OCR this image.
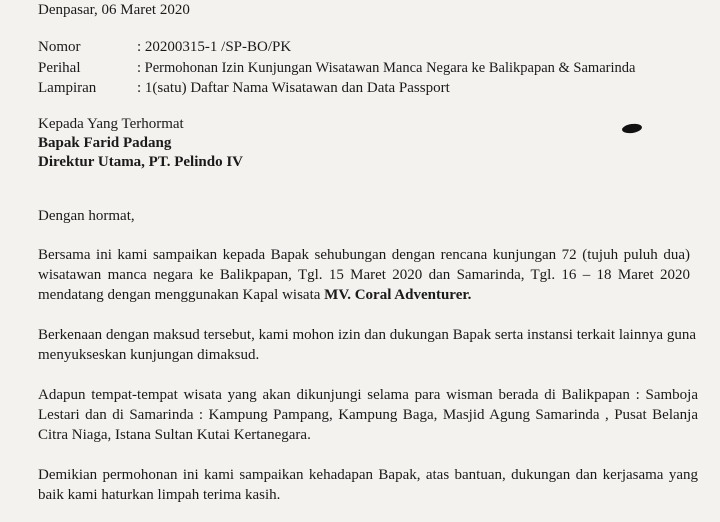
Denpasar, 06 Maret 2020
Nomor	: 20200315-1 /SP-BO/PK
Perihal	: Permohonan Izin Kunjungan Wisatawan Manca Negara ke Balikpapan & Samarinda
Lampiran	: 1(satu) Daftar Nama Wisatawan dan Data Passport
Kepada Yang Terhormat
Bapak Farid Padang
Direktur Utama, PT. Pelindo IV
Dengan hormat,
Bersama ini kami sampaikan kepada Bapak sehubungan dengan rencana kunjungan 72 (tujuh puluh dua) wisatawan manca negara ke Balikpapan, Tgl. 15 Maret 2020 dan Samarinda, Tgl. 16 – 18 Maret 2020 mendatang dengan menggunakan Kapal wisata MV. Coral Adventurer.
Berkenaan dengan maksud tersebut, kami mohon izin dan dukungan Bapak serta instansi terkait lainnya guna menyukseskan kunjungan dimaksud.
Adapun tempat-tempat wisata yang akan dikunjungi selama para wisman berada di Balikpapan : Samboja Lestari dan di Samarinda : Kampung Pampang, Kampung Baga, Masjid Agung Samarinda , Pusat Belanja Citra Niaga, Istana Sultan Kutai Kertanegara.
Demikian permohonan ini kami sampaikan kehadapan Bapak, atas bantuan, dukungan dan kerjasama yang baik kami haturkan limpah terima kasih.
